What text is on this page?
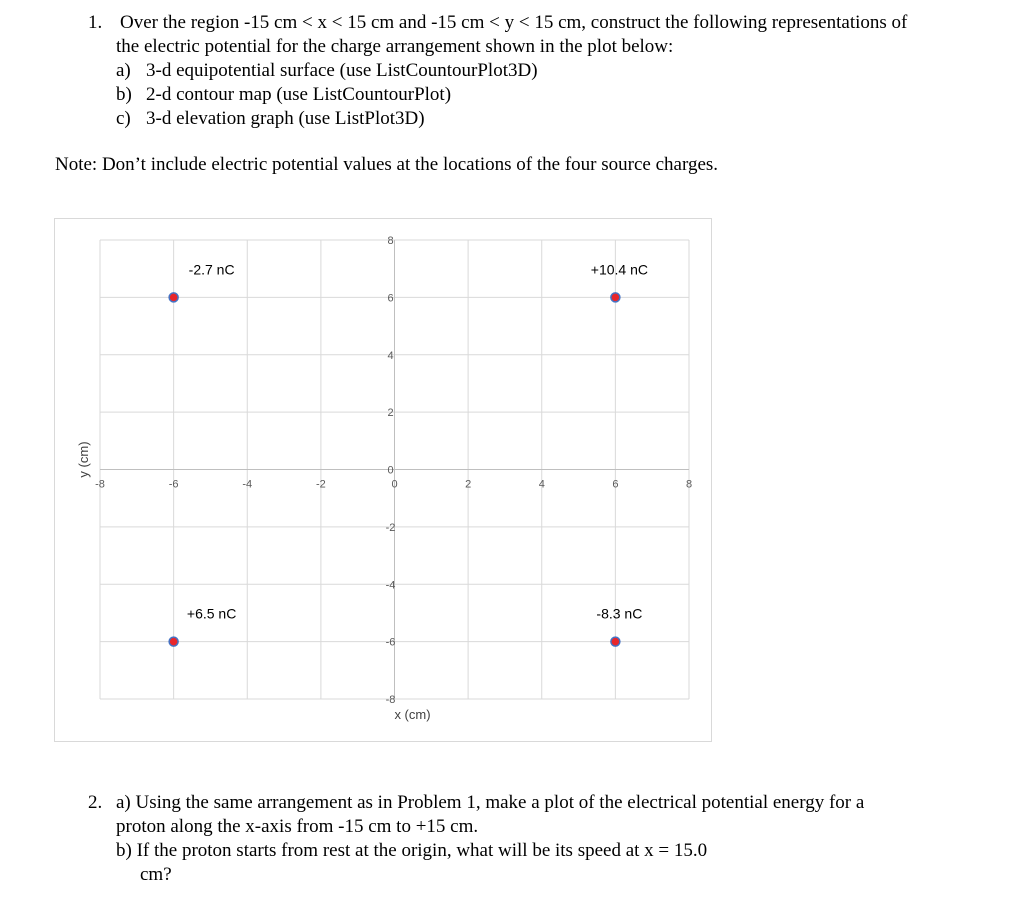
1. Over the region -15 cm < x < 15 cm and -15 cm < y < 15 cm, construct the following representations of
the electric potential for the charge arrangement shown in the plot below:
a) 3-d equipotential surface (use ListCountourPlot3D)
b) 2-d contour map (use ListCountourPlot)
c) 3-d elevation graph (use ListPlot3D)
Note: Don’t include electric potential values at the locations of the four source charges.
-8	-6	-4	-2	0	2	4	6	8
-8
-6
-4
-2
0
2
4
6
8
-2.7 nC	+10.4 nC
+6.5 nC	-8.3 nC
x (cm)
y (cm)
2. a) Using the same arrangement as in Problem 1, make a plot of the electrical potential energy for a
proton along the x-axis from -15 cm to +15 cm.
b) If the proton starts from rest at the origin, what will be its speed at x = 15.0
cm?
